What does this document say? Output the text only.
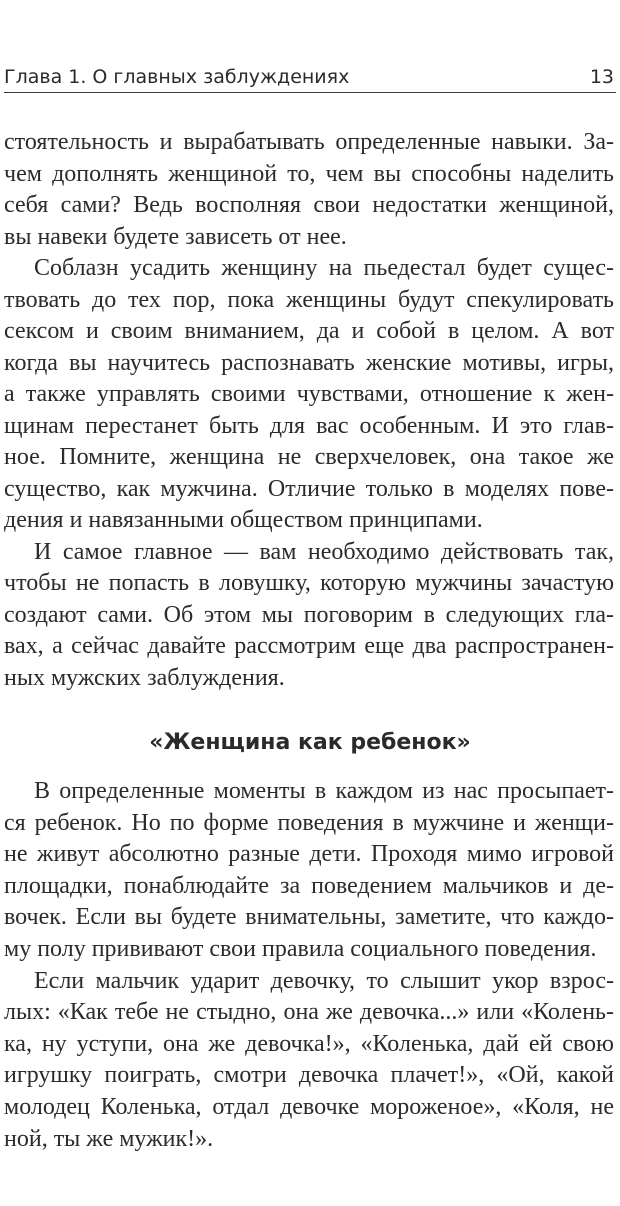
Глава 1. О главных заблуждениях	13
стоятельность и вырабатывать определенные навыки. За-
чем дополнять женщиной то, чем вы способны наделить
себя сами? Ведь восполняя свои недостатки женщиной,
вы навеки будете зависеть от нее.
Соблазн усадить женщину на пьедестал будет сущес-
твовать до тех пор, пока женщины будут спекулировать
сексом и своим вниманием, да и собой в целом. А вот
когда вы научитесь распознавать женские мотивы, игры,
а также управлять своими чувствами, отношение к жен-
щинам перестанет быть для вас особенным. И это глав-
ное. Помните, женщина не сверхчеловек, она такое же
существо, как мужчина. Отличие только в моделях пове-
дения и навязанными обществом принципами.
И самое главное — вам необходимо действовать так,
чтобы не попасть в ловушку, которую мужчины зачастую
создают сами. Об этом мы поговорим в следующих гла-
вах, а сейчас давайте рассмотрим еще два распространен-
ных мужских заблуждения.
«Женщина как ребенок»
В определенные моменты в каждом из нас просыпает-
ся ребенок. Но по форме поведения в мужчине и женщи-
не живут абсолютно разные дети. Проходя мимо игровой
площадки, понаблюдайте за поведением мальчиков и де-
вочек. Если вы будете внимательны, заметите, что каждо-
му полу прививают свои правила социального поведения.
Если мальчик ударит девочку, то слышит укор взрос-
лых: «Как тебе не стыдно, она же девочка...» или «Колень-
ка, ну уступи, она же девочка!», «Коленька, дай ей свою
игрушку поиграть, смотри девочка плачет!», «Ой, какой
молодец Коленька, отдал девочке мороженое», «Коля, не
ной, ты же мужик!».
